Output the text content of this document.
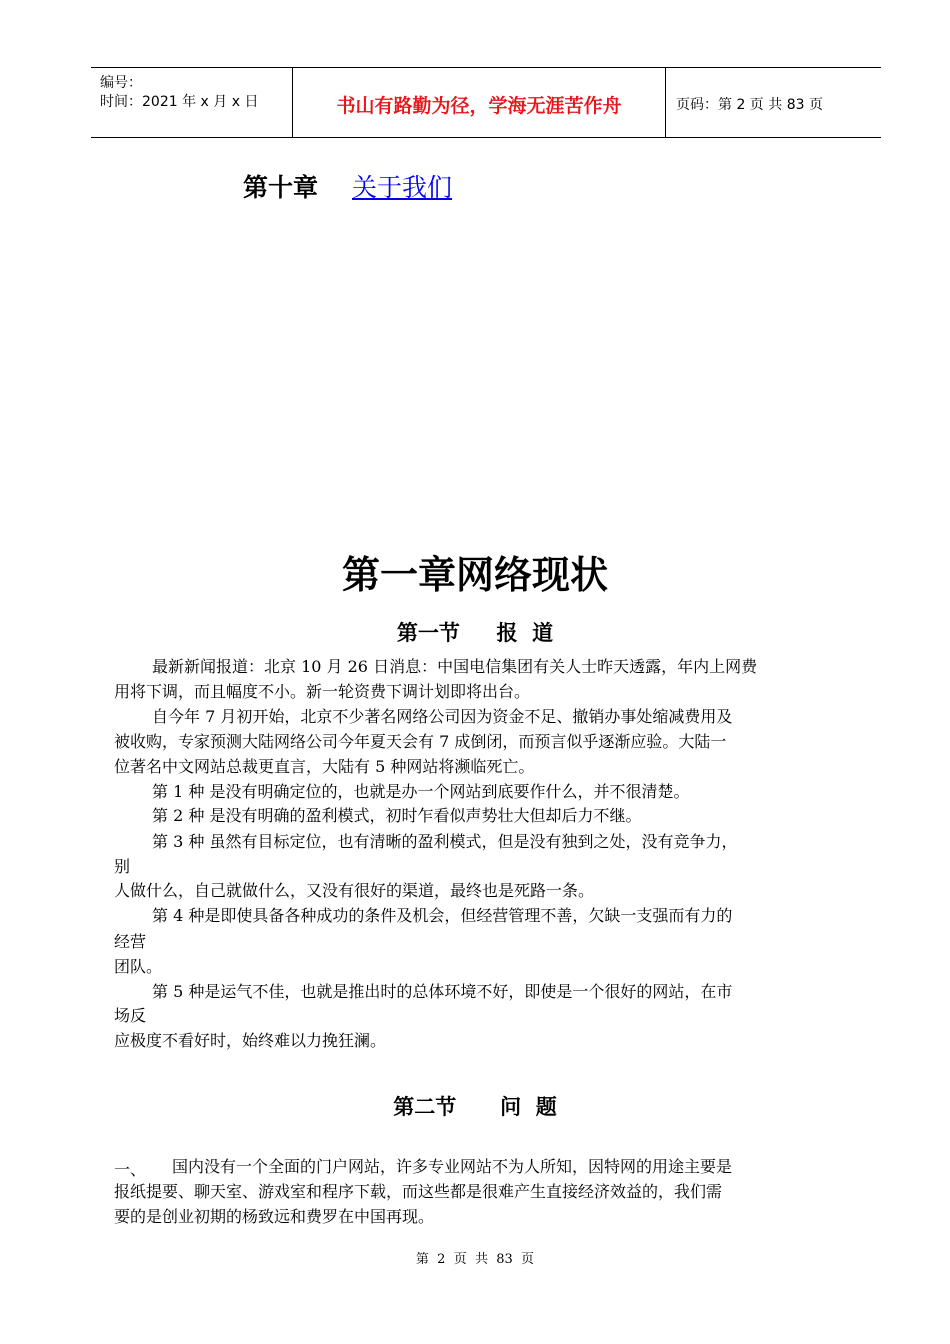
编号：
时间：2021 年 x 月 x 日	书山有路勤为径，学海无涯苦作舟	页码：第 2 页 共 83 页
第十章 关于我们
第一章网络现状
第一节     报  道
最新新闻报道：北京 10 月 26 日消息：中国电信集团有关人士昨天透露，年内上网费
用将下调，而且幅度不小。新一轮资费下调计划即将出台。
自今年 7 月初开始，北京不少著名网络公司因为资金不足、撤销办事处缩减费用及
被收购，专家预测大陆网络公司今年夏天会有 7 成倒闭，而预言似乎逐渐应验。大陆一
位著名中文网站总裁更直言，大陆有 5 种网站将濒临死亡。
第 1 种 是没有明确定位的，也就是办一个网站到底要作什么，并不很清楚。
第 2 种 是没有明确的盈利模式，初时乍看似声势壮大但却后力不继。
第 3 种 虽然有目标定位，也有清晰的盈利模式，但是没有独到之处，没有竞争力，
别
人做什么，自己就做什么，又没有很好的渠道，最终也是死路一条。
第 4 种是即使具备各种成功的条件及机会，但经营管理不善，欠缺一支强而有力的
经营
团队。
第 5 种是运气不佳，也就是推出时的总体环境不好，即使是一个很好的网站，在市
场反
应极度不看好时，始终难以力挽狂澜。
第二节      问  题
一、 国内没有一个全面的门户网站，许多专业网站不为人所知，因特网的用途主要是
报纸提要、聊天室、游戏室和程序下载，而这些都是很难产生直接经济效益的，我们需
要的是创业初期的杨致远和费罗在中国再现。
第  2  页  共  83  页
